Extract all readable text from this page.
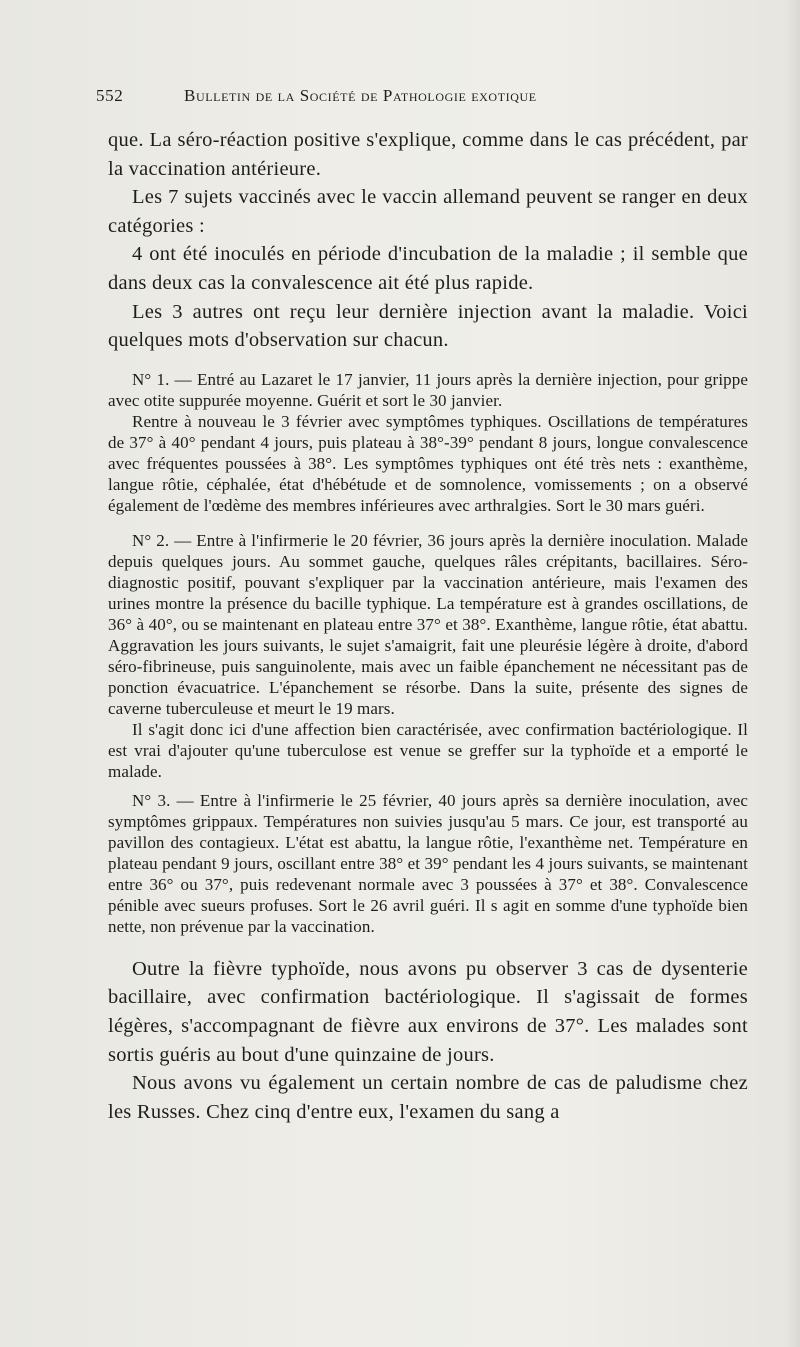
552	Bulletin de la Société de Pathologie exotique

que. La séro-réaction positive s'explique, comme dans le cas précédent, par la vaccination antérieure.

Les 7 sujets vaccinés avec le vaccin allemand peuvent se ranger en deux catégories :

4 ont été inoculés en période d'incubation de la maladie ; il semble que dans deux cas la convalescence ait été plus rapide.

Les 3 autres ont reçu leur dernière injection avant la maladie. Voici quelques mots d'observation sur chacun.

N° 1. — Entré au Lazaret le 17 janvier, 11 jours après la dernière injection, pour grippe avec otite suppurée moyenne. Guérit et sort le 30 janvier.

Rentre à nouveau le 3 février avec symptômes typhiques. Oscillations de températures de 37° à 40° pendant 4 jours, puis plateau à 38°-39° pendant 8 jours, longue convalescence avec fréquentes poussées à 38°. Les symptômes typhiques ont été très nets : exanthème, langue rôtie, céphalée, état d'hébétude et de somnolence, vomissements ; on a observé également de l'œdème des membres inférieures avec arthralgies. Sort le 30 mars guéri.

N° 2. — Entre à l'infirmerie le 20 février, 36 jours après la dernière inoculation. Malade depuis quelques jours. Au sommet gauche, quelques râles crépitants, bacillaires. Séro-diagnostic positif, pouvant s'expliquer par la vaccination antérieure, mais l'examen des urines montre la présence du bacille typhique. La température est à grandes oscillations, de 36° à 40°, ou se maintenant en plateau entre 37° et 38°. Exanthème, langue rôtie, état abattu. Aggravation les jours suivants, le sujet s'amaigrit, fait une pleurésie légère à droite, d'abord séro-fibrineuse, puis sanguinolente, mais avec un faible épanchement ne nécessitant pas de ponction évacuatrice. L'épanchement se résorbe. Dans la suite, présente des signes de caverne tuberculeuse et meurt le 19 mars.

Il s'agit donc ici d'une affection bien caractérisée, avec confirmation bactériologique. Il est vrai d'ajouter qu'une tuberculose est venue se greffer sur la typhoïde et a emporté le malade.

N° 3. — Entre à l'infirmerie le 25 février, 40 jours après sa dernière inoculation, avec symptômes grippaux. Températures non suivies jusqu'au 5 mars. Ce jour, est transporté au pavillon des contagieux. L'état est abattu, la langue rôtie, l'exanthème net. Température en plateau pendant 9 jours, oscillant entre 38° et 39° pendant les 4 jours suivants, se maintenant entre 36° ou 37°, puis redevenant normale avec 3 poussées à 37° et 38°. Convalescence pénible avec sueurs profuses. Sort le 26 avril guéri. Il s agit en somme d'une typhoïde bien nette, non prévenue par la vaccination.

Outre la fièvre typhoïde, nous avons pu observer 3 cas de dysenterie bacillaire, avec confirmation bactériologique. Il s'agissait de formes légères, s'accompagnant de fièvre aux environs de 37°. Les malades sont sortis guéris au bout d'une quinzaine de jours.

Nous avons vu également un certain nombre de cas de paludisme chez les Russes. Chez cinq d'entre eux, l'examen du sang a
